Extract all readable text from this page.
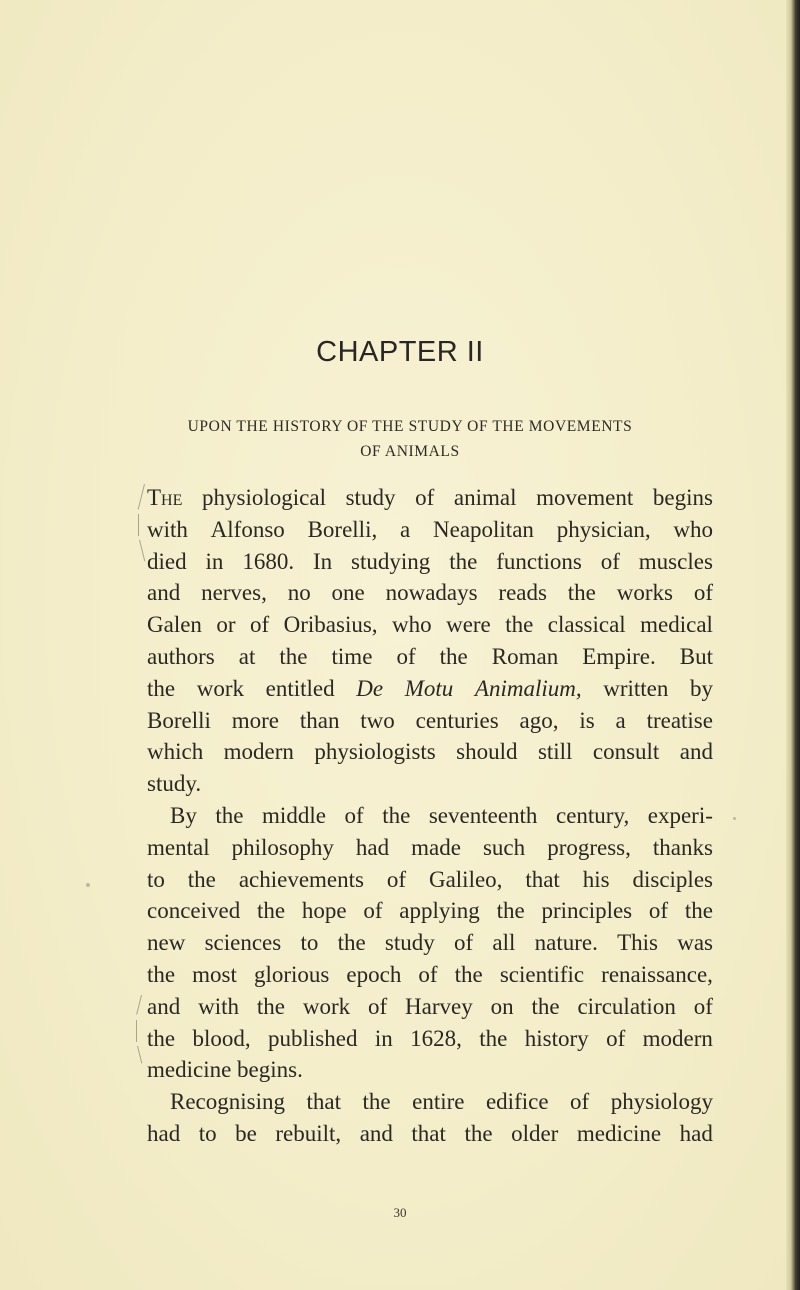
CHAPTER II
UPON THE HISTORY OF THE STUDY OF THE MOVEMENTS
OF ANIMALS
The physiological study of animal movement begins
with Alfonso Borelli, a Neapolitan physician, who
died in 1680. In studying the functions of muscles
and nerves, no one nowadays reads the works of
Galen or of Oribasius, who were the classical medical
authors at the time of the Roman Empire. But
the work entitled De Motu Animalium, written by
Borelli more than two centuries ago, is a treatise
which modern physiologists should still consult and
study.
By the middle of the seventeenth century, experi-
mental philosophy had made such progress, thanks
to the achievements of Galileo, that his disciples
conceived the hope of applying the principles of the
new sciences to the study of all nature. This was
the most glorious epoch of the scientific renaissance,
and with the work of Harvey on the circulation of
the blood, published in 1628, the history of modern
medicine begins.
Recognising that the entire edifice of physiology
had to be rebuilt, and that the older medicine had
30
